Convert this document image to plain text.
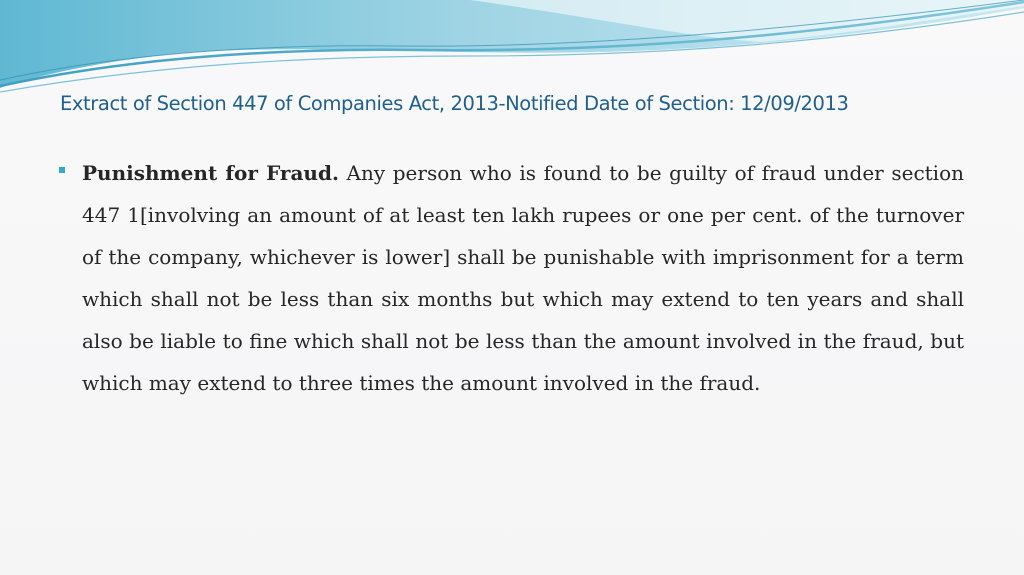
Extract of Section 447 of Companies Act, 2013-Notified Date of Section: 12/09/2013

Punishment for Fraud. Any person who is found to be guilty of fraud under section 447 1[involving an amount of at least ten lakh rupees or one per cent. of the turnover of the company, whichever is lower] shall be punishable with imprisonment for a term which shall not be less than six months but which may extend to ten years and shall also be liable to fine which shall not be less than the amount involved in the fraud, but which may extend to three times the amount involved in the fraud.
